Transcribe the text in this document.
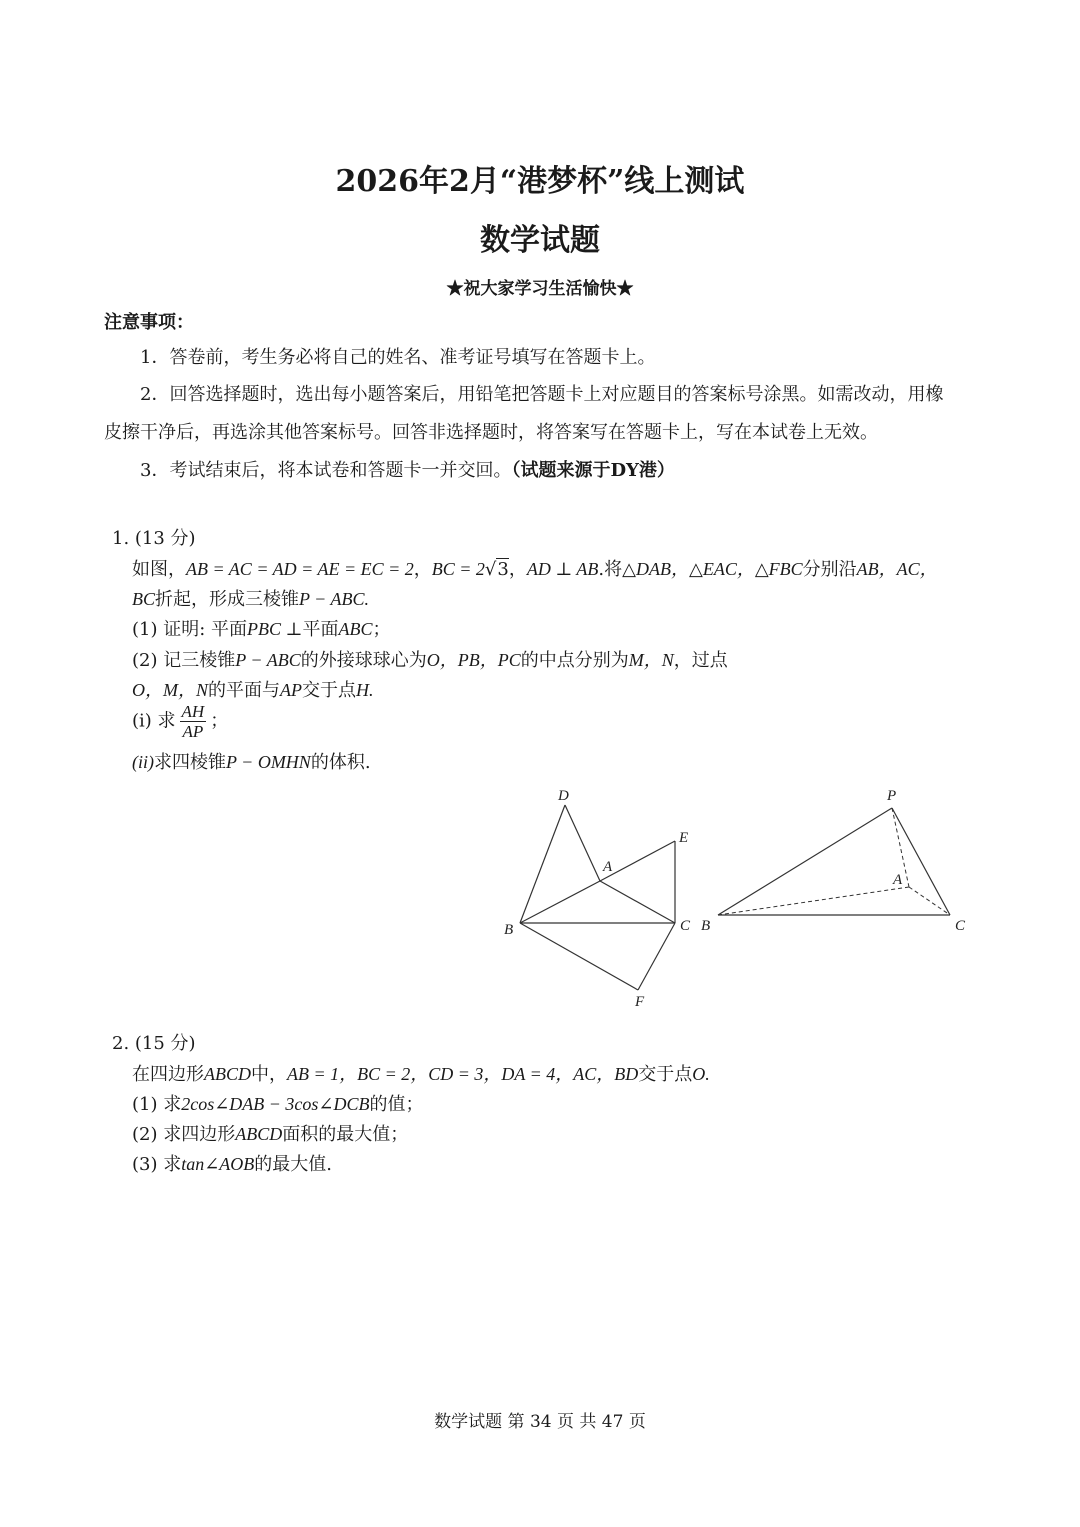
2026年2月“港梦杯”线上测试
数学试题
★祝大家学习生活愉快★
注意事项：
1．答卷前，考生务必将自己的姓名、准考证号填写在答题卡上。
2．回答选择题时，选出每小题答案后，用铅笔把答题卡上对应题目的答案标号涂黑。如需改动，用橡
皮擦干净后，再选涂其他答案标号。回答非选择题时，将答案写在答题卡上，写在本试卷上无效。
3．考试结束后，将本试卷和答题卡一并交回。（试题来源于DY港）
1. (13 分)
如图，AB = AC = AD = AE = EC = 2，BC = 2√3，AD ⊥ AB.将△DAB，△EAC，△FBC分别沿AB，AC，
BC折起，形成三棱锥P − ABC.
(1) 证明: 平面PBC ⊥平面ABC；
(2) 记三棱锥P − ABC的外接球球心为O，PB，PC的中点分别为M，N，过点
O，M，N的平面与AP交于点H.
(i) 求 $\frac{AH}{AP}$ ；
(ii)求四棱锥P − OMHN的体积.
D
A
E
B	C
F
P
A
B	C
2. (15 分)
在四边形ABCD中，AB = 1，BC = 2，CD = 3，DA = 4，AC，BD交于点O.
(1) 求2cos∠DAB − 3cos∠DCB的值；
(2) 求四边形ABCD面积的最大值；
(3) 求tan∠AOB的最大值.
数学试题 第 34 页 共 47 页
